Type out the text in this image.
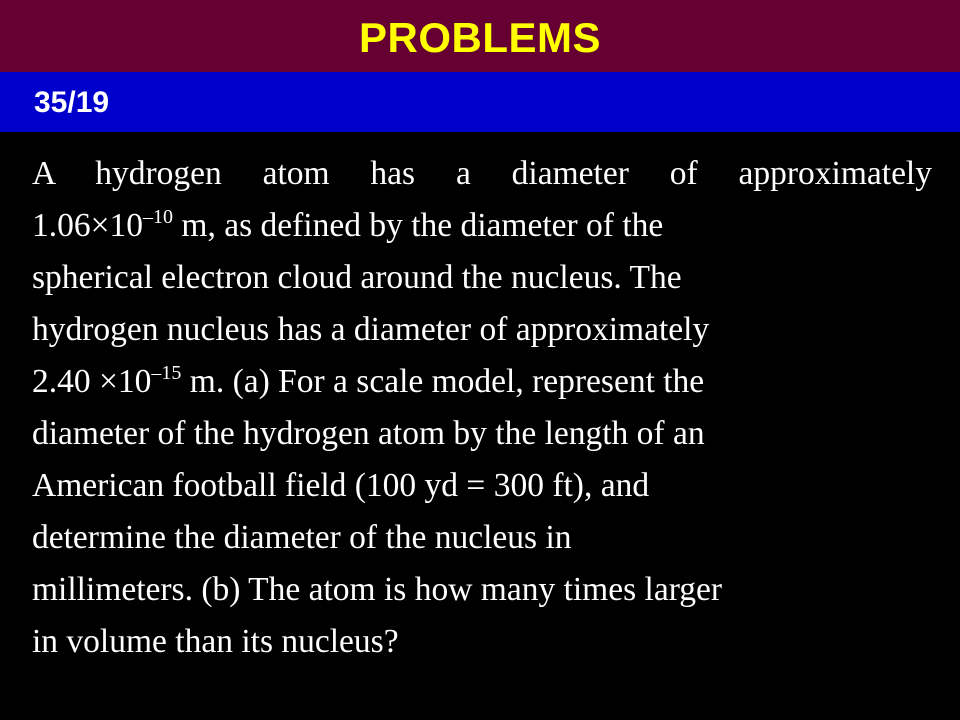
PROBLEMS
35/19
A hydrogen atom has a diameter of approximately
$1.06\times 10^{-10}$ m, as defined by the diameter of the
spherical electron cloud around the nucleus. The
hydrogen nucleus has a diameter of approximately
$2.40 \times 10^{-15}$ m. (a) For a scale model, represent the
diameter of the hydrogen atom by the length of an
American football field (100 yd = 300 ft), and
determine the diameter of the nucleus in
millimeters. (b) The atom is how many times larger
in volume than its nucleus?
